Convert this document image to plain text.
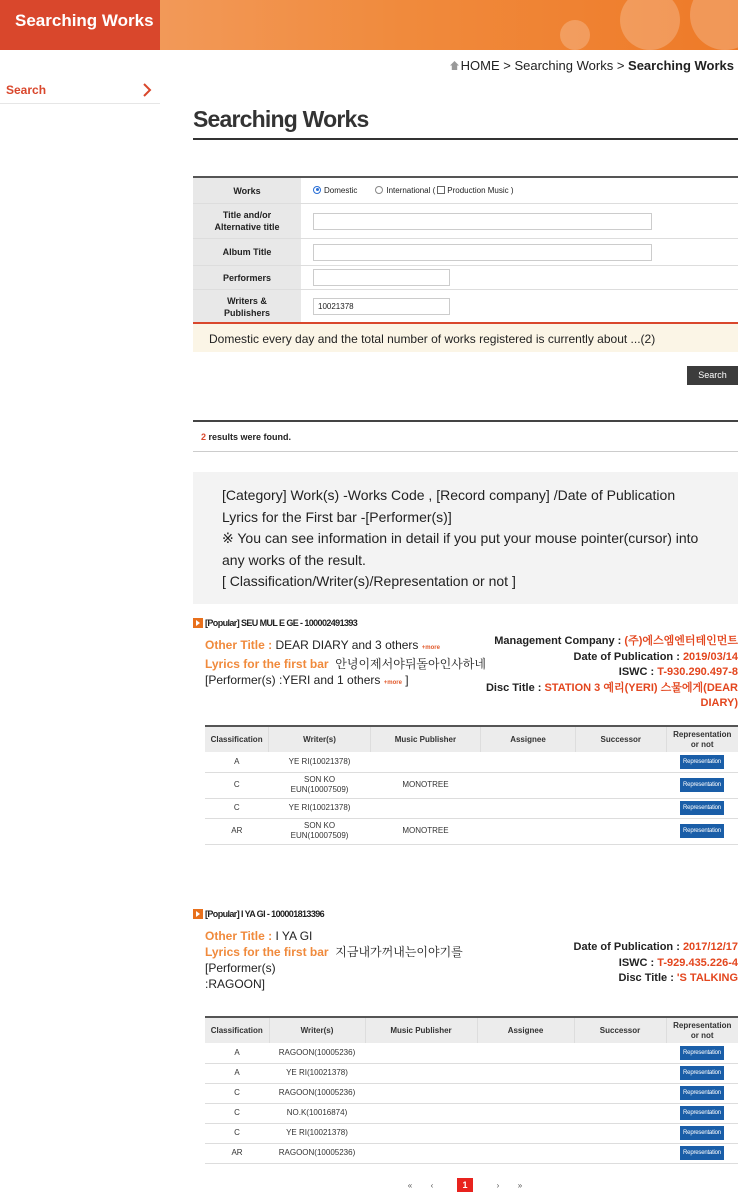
Searching Works
Search
HOME > Searching Works > Searching Works
Searching Works
Works	Domestic	International ( Production Music )
Title and/or Alternative title
Album Title
Performers
Writers & Publishers
10021378
Domestic every day and the total number of works registered is currently about ...(2)
Search
2 results were found.
[Category] Work(s) -Works Code , [Record company] /Date of Publication
Lyrics for the First bar -[Performer(s)]
※ You can see information in detail if you put your mouse pointer(cursor) into
any works of the result.
[ Classification/Writer(s)/Representation or not ]
[Popular] SEU MUL E GE - 100002491393
Other Title : DEAR DIARY and 3 others +more
Lyrics for the first bar 안녕이제서야뒤돌아인사하네
[Performer(s) :YERI and 1 others +more ]
Management Company : (주)에스엠엔터테인먼트
Date of Publication : 2019/03/14
ISWC : T-930.290.497-8
Disc Title : STATION 3 예리(YERI) 스물에게(DEAR
DIARY)
Classification	Writer(s)	Music Publisher	Assignee	Successor	Representation or not
A	YE RI(10021378)				Representation
C	SON KO EUN(10007509)	MONOTREE			Representation
C	YE RI(10021378)				Representation
AR	SON KO EUN(10007509)	MONOTREE			Representation
[Popular] I YA GI - 100001813396
Other Title : I YA GI
Lyrics for the first bar 지금내가꺼내는이야기를 [Performer(s)
:RAGOON]
Date of Publication : 2017/12/17
ISWC : T-929.435.226-4
Disc Title : 'S TALKING
Classification	Writer(s)	Music Publisher	Assignee	Successor	Representation or not
A	RAGOON(10005236)				Representation
A	YE RI(10021378)				Representation
C	RAGOON(10005236)				Representation
C	NO.K(10016874)				Representation
C	YE RI(10021378)				Representation
AR	RAGOON(10005236)				Representation
«	‹	1	›	»
